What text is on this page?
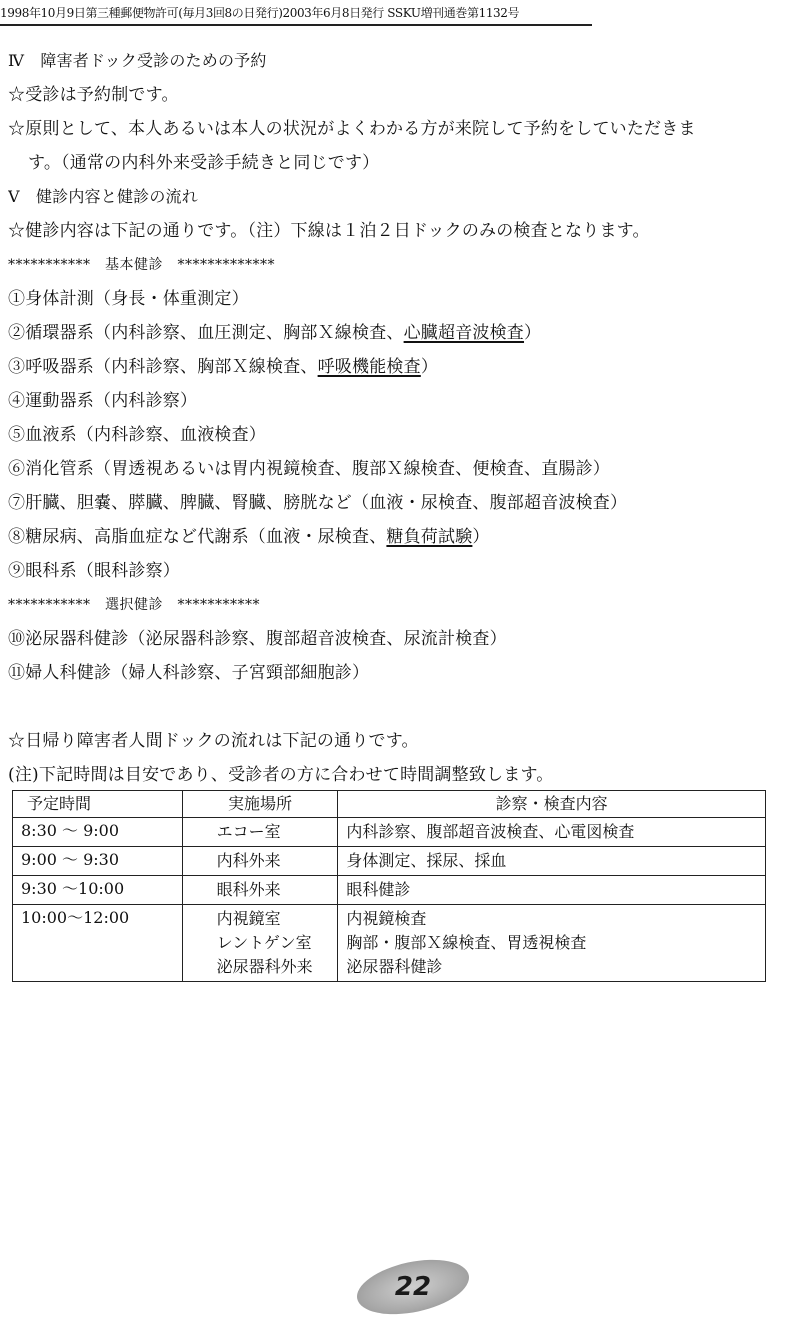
1998年10月9日第三種郵便物許可(毎月3回8の日発行)2003年6月8日発行 SSKU増刊通巻第1132号
Ⅳ　障害者ドック受診のための予約
☆受診は予約制です。
☆原則として、本人あるいは本人の状況がよくわかる方が来院して予約をしていただきま
す。（通常の内科外来受診手続きと同じです）
Ⅴ　健診内容と健診の流れ
☆健診内容は下記の通りです。（注）下線は１泊２日ドックのみの検査となります。
***********　基本健診　*************
①身体計測（身長・体重測定）
②循環器系（内科診察、血圧測定、胸部Ｘ線検査、心臓超音波検査）
③呼吸器系（内科診察、胸部Ｘ線検査、呼吸機能検査）
④運動器系（内科診察）
⑤血液系（内科診察、血液検査）
⑥消化管系（胃透視あるいは胃内視鏡検査、腹部Ｘ線検査、便検査、直腸診）
⑦肝臓、胆嚢、膵臓、脾臓、腎臓、膀胱など（血液・尿検査、腹部超音波検査）
⑧糖尿病、高脂血症など代謝系（血液・尿検査、糖負荷試験）
⑨眼科系（眼科診察）
***********　選択健診　***********
⑩泌尿器科健診（泌尿器科診察、腹部超音波検査、尿流計検査）
⑪婦人科健診（婦人科診察、子宮頸部細胞診）
☆日帰り障害者人間ドックの流れは下記の通りです。
(注)下記時間は目安であり、受診者の方に合わせて時間調整致します。
予定時間	実施場所	診察・検査内容
8:30 ～ 9:00	エコー室	内科診察、腹部超音波検査、心電図検査

9:00 ～ 9:30	内科外来	身体測定、採尿、採血

9:30 ～10:00	眼科外来	眼科健診

10:00～12:00	内視鏡室
レントゲン室
泌尿器科外来	内視鏡検査
胸部・腹部Ｘ線検査、胃透視検査
泌尿器科健診
22
